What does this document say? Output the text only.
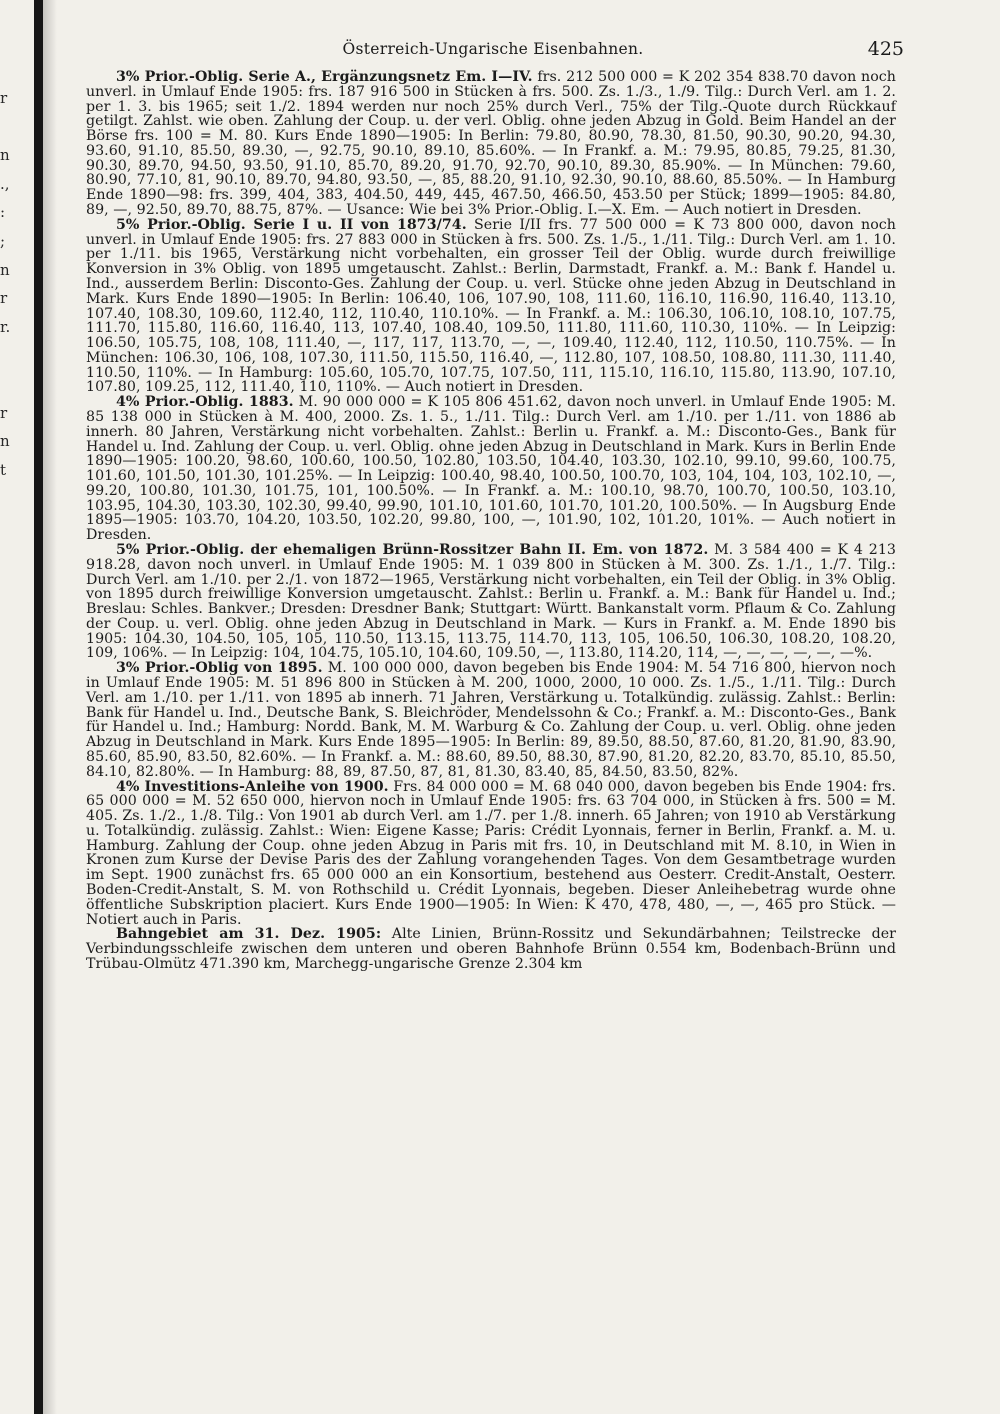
r
n
.,
:
;
n
r
r.
r
n
t
Österreich-Ungarische Eisenbahnen.	425

3% Prior.-Oblig. Serie A., Ergänzungsnetz Em. I—IV. frs. 212 500 000 = K 202 354 838.70 davon noch unverl. in Umlauf Ende 1905: frs. 187 916 500 in Stücken à frs. 500. Zs. 1./3., 1./9. Tilg.: Durch Verl. am 1. 2. per 1. 3. bis 1965; seit 1./2. 1894 werden nur noch 25% durch Verl., 75% der Tilg.-Quote durch Rückkauf getilgt. Zahlst. wie oben. Zahlung der Coup. u. der verl. Oblig. ohne jeden Abzug in Gold. Beim Handel an der Börse frs. 100 = M. 80. Kurs Ende 1890—1905: In Berlin: 79.80, 80.90, 78.30, 81.50, 90.30, 90.20, 94.30, 93.60, 91.10, 85.50, 89.30, —, 92.75, 90.10, 89.10, 85.60%. — In Frankf. a. M.: 79.95, 80.85, 79.25, 81.30, 90.30, 89.70, 94.50, 93.50, 91.10, 85.70, 89.20, 91.70, 92.70, 90.10, 89.30, 85.90%. — In München: 79.60, 80.90, 77.10, 81, 90.10, 89.70, 94.80, 93.50, —, 85, 88.20, 91.10, 92.30, 90.10, 88.60, 85.50%. — In Hamburg Ende 1890—98: frs. 399, 404, 383, 404.50, 449, 445, 467.50, 466.50, 453.50 per Stück; 1899—1905: 84.80, 89, —, 92.50, 89.70, 88.75, 87%. — Usance: Wie bei 3% Prior.-Oblig. I.—X. Em. — Auch notiert in Dresden.

5% Prior.-Oblig. Serie I u. II von 1873/74. Serie I/II frs. 77 500 000 = K 73 800 000, davon noch unverl. in Umlauf Ende 1905: frs. 27 883 000 in Stücken à frs. 500. Zs. 1./5., 1./11. Tilg.: Durch Verl. am 1. 10. per 1./11. bis 1965, Verstärkung nicht vorbehalten, ein grosser Teil der Oblig. wurde durch freiwillige Konversion in 3% Oblig. von 1895 umgetauscht. Zahlst.: Berlin, Darmstadt, Frankf. a. M.: Bank f. Handel u. Ind., ausserdem Berlin: Disconto-Ges. Zahlung der Coup. u. verl. Stücke ohne jeden Abzug in Deutschland in Mark. Kurs Ende 1890—1905: In Berlin: 106.40, 106, 107.90, 108, 111.60, 116.10, 116.90, 116.40, 113.10, 107.40, 108.30, 109.60, 112.40, 112, 110.40, 110.10%. — In Frankf. a. M.: 106.30, 106.10, 108.10, 107.75, 111.70, 115.80, 116.60, 116.40, 113, 107.40, 108.40, 109.50, 111.80, 111.60, 110.30, 110%. — In Leipzig: 106.50, 105.75, 108, 108, 111.40, —, 117, 117, 113.70, —, —, 109.40, 112.40, 112, 110.50, 110.75%. — In München: 106.30, 106, 108, 107.30, 111.50, 115.50, 116.40, —, 112.80, 107, 108.50, 108.80, 111.30, 111.40, 110.50, 110%. — In Hamburg: 105.60, 105.70, 107.75, 107.50, 111, 115.10, 116.10, 115.80, 113.90, 107.10, 107.80, 109.25, 112, 111.40, 110, 110%. — Auch notiert in Dresden.

4% Prior.-Oblig. 1883. M. 90 000 000 = K 105 806 451.62, davon noch unverl. in Umlauf Ende 1905: M. 85 138 000 in Stücken à M. 400, 2000. Zs. 1. 5., 1./11. Tilg.: Durch Verl. am 1./10. per 1./11. von 1886 ab innerh. 80 Jahren, Verstärkung nicht vorbehalten. Zahlst.: Berlin u. Frankf. a. M.: Disconto-Ges., Bank für Handel u. Ind. Zahlung der Coup. u. verl. Oblig. ohne jeden Abzug in Deutschland in Mark. Kurs in Berlin Ende 1890—1905: 100.20, 98.60, 100.60, 100.50, 102.80, 103.50, 104.40, 103.30, 102.10, 99.10, 99.60, 100.75, 101.60, 101.50, 101.30, 101.25%. — In Leipzig: 100.40, 98.40, 100.50, 100.70, 103, 104, 104, 103, 102.10, —, 99.20, 100.80, 101.30, 101.75, 101, 100.50%. — In Frankf. a. M.: 100.10, 98.70, 100.70, 100.50, 103.10, 103.95, 104.30, 103.30, 102.30, 99.40, 99.90, 101.10, 101.60, 101.70, 101.20, 100.50%. — In Augsburg Ende 1895—1905: 103.70, 104.20, 103.50, 102.20, 99.80, 100, —, 101.90, 102, 101.20, 101%. — Auch notiert in Dresden.

5% Prior.-Oblig. der ehemaligen Brünn-Rossitzer Bahn II. Em. von 1872. M. 3 584 400 = K 4 213 918.28, davon noch unverl. in Umlauf Ende 1905: M. 1 039 800 in Stücken à M. 300. Zs. 1./1., 1./7. Tilg.: Durch Verl. am 1./10. per 2./1. von 1872—1965, Verstärkung nicht vorbehalten, ein Teil der Oblig. in 3% Oblig. von 1895 durch freiwillige Konversion umgetauscht. Zahlst.: Berlin u. Frankf. a. M.: Bank für Handel u. Ind.; Breslau: Schles. Bankver.; Dresden: Dresdner Bank; Stuttgart: Württ. Bankanstalt vorm. Pflaum & Co. Zahlung der Coup. u. verl. Oblig. ohne jeden Abzug in Deutschland in Mark. — Kurs in Frankf. a. M. Ende 1890 bis 1905: 104.30, 104.50, 105, 105, 110.50, 113.15, 113.75, 114.70, 113, 105, 106.50, 106.30, 108.20, 108.20, 109, 106%. — In Leipzig: 104, 104.75, 105.10, 104.60, 109.50, —, 113.80, 114.20, 114, —, —, —, —, —, —%.

3% Prior.-Oblig von 1895. M. 100 000 000, davon begeben bis Ende 1904: M. 54 716 800, hiervon noch in Umlauf Ende 1905: M. 51 896 800 in Stücken à M. 200, 1000, 2000, 10 000. Zs. 1./5., 1./11. Tilg.: Durch Verl. am 1./10. per 1./11. von 1895 ab innerh. 71 Jahren, Verstärkung u. Totalkündig. zulässig. Zahlst.: Berlin: Bank für Handel u. Ind., Deutsche Bank, S. Bleichröder, Mendelssohn & Co.; Frankf. a. M.: Disconto-Ges., Bank für Handel u. Ind.; Hamburg: Nordd. Bank, M. M. Warburg & Co. Zahlung der Coup. u. verl. Oblig. ohne jeden Abzug in Deutschland in Mark. Kurs Ende 1895—1905: In Berlin: 89, 89.50, 88.50, 87.60, 81.20, 81.90, 83.90, 85.60, 85.90, 83.50, 82.60%. — In Frankf. a. M.: 88.60, 89.50, 88.30, 87.90, 81.20, 82.20, 83.70, 85.10, 85.50, 84.10, 82.80%. — In Hamburg: 88, 89, 87.50, 87, 81, 81.30, 83.40, 85, 84.50, 83.50, 82%.

4% Investitions-Anleihe von 1900. Frs. 84 000 000 = M. 68 040 000, davon begeben bis Ende 1904: frs. 65 000 000 = M. 52 650 000, hiervon noch in Umlauf Ende 1905: frs. 63 704 000, in Stücken à frs. 500 = M. 405. Zs. 1./2., 1./8. Tilg.: Von 1901 ab durch Verl. am 1./7. per 1./8. innerh. 65 Jahren; von 1910 ab Verstärkung u. Totalkündig. zulässig. Zahlst.: Wien: Eigene Kasse; Paris: Crédit Lyonnais, ferner in Berlin, Frankf. a. M. u. Hamburg. Zahlung der Coup. ohne jeden Abzug in Paris mit frs. 10, in Deutschland mit M. 8.10, in Wien in Kronen zum Kurse der Devise Paris des der Zahlung vorangehenden Tages. Von dem Gesamtbetrage wurden im Sept. 1900 zunächst frs. 65 000 000 an ein Konsortium, bestehend aus Oesterr. Credit-Anstalt, Oesterr. Boden-Credit-Anstalt, S. M. von Rothschild u. Crédit Lyonnais, begeben. Dieser Anleihebetrag wurde ohne öffentliche Subskription placiert. Kurs Ende 1900—1905: In Wien: K 470, 478, 480, —, —, 465 pro Stück. — Notiert auch in Paris.

Bahngebiet am 31. Dez. 1905: Alte Linien, Brünn-Rossitz und Sekundärbahnen; Teilstrecke der Verbindungsschleife zwischen dem unteren und oberen Bahnhofe Brünn 0.554 km, Bodenbach-Brünn und Trübau-Olmütz 471.390 km, Marchegg-ungarische Grenze 2.304 km
